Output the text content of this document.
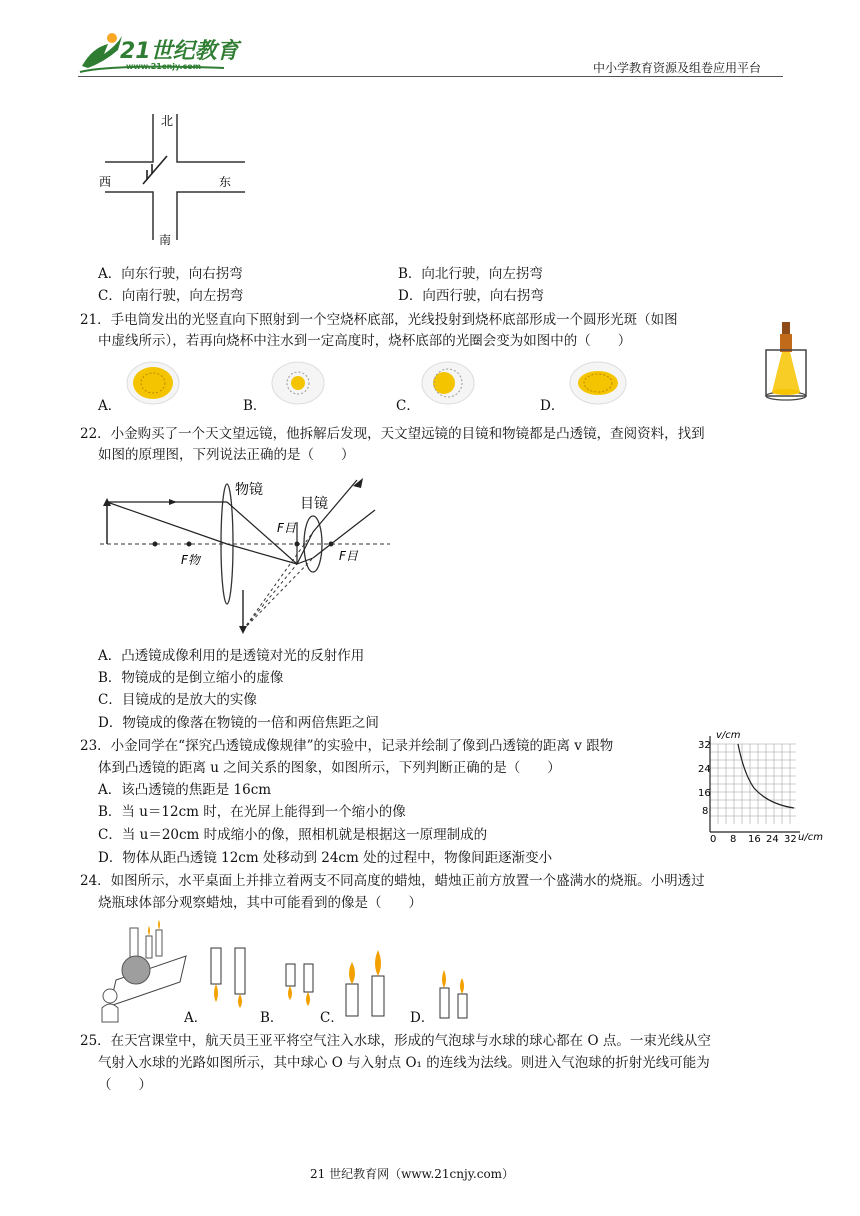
21世纪教育
www.21cnjy.com	中小学教育资源及组卷应用平台
北
南
西	东
A．向东行驶，向右拐弯	B．向北行驶，向左拐弯
C．向南行驶，向左拐弯	D．向西行驶，向右拐弯
21．手电筒发出的光竖直向下照射到一个空烧杯底部，光线投射到烧杯底部形成一个圆形光斑（如图
中虚线所示），若再向烧杯中注水到一定高度时，烧杯底部的光圈会变为如图中的（　　）
A．	B．	C．	D．
22．小金购买了一个天文望远镜，他拆解后发现，天文望远镜的目镜和物镜都是凸透镜，查阅资料，找到
如图的原理图，下列说法正确的是（　　）
物镜
目镜
F目
F目
F物
A．凸透镜成像利用的是透镜对光的反射作用
B．物镜成的是倒立缩小的虚像
C．目镜成的是放大的实像
D．物镜成的像落在物镜的一倍和两倍焦距之间
23．小金同学在“探究凸透镜成像规律”的实验中，记录并绘制了像到凸透镜的距离 v 跟物
体到凸透镜的距离 u 之间关系的图象，如图所示，下列判断正确的是（　　）
A．该凸透镜的焦距是 16cm
B．当 u＝12cm 时，在光屏上能得到一个缩小的像
C．当 u＝20cm 时成缩小的像，照相机就是根据这一原理制成的
D．物体从距凸透镜 12cm 处移动到 24cm 处的过程中，物像间距逐渐变小
v/cm
u/cm
32
24
16
8
0 8 16 24 32
24．如图所示，水平桌面上并排立着两支不同高度的蜡烛，蜡烛正前方放置一个盛满水的烧瓶。小明透过
烧瓶球体部分观察蜡烛，其中可能看到的像是（　　）
A．	B．	C．	D．
25．在天宫课堂中，航天员王亚平将空气注入水球，形成的气泡球与水球的球心都在 O 点。一束光线从空
气射入水球的光路如图所示，其中球心 O 与入射点 O₁ 的连线为法线。则进入气泡球的折射光线可能为
（　　）
21 世纪教育网（www.21cnjy.com）
